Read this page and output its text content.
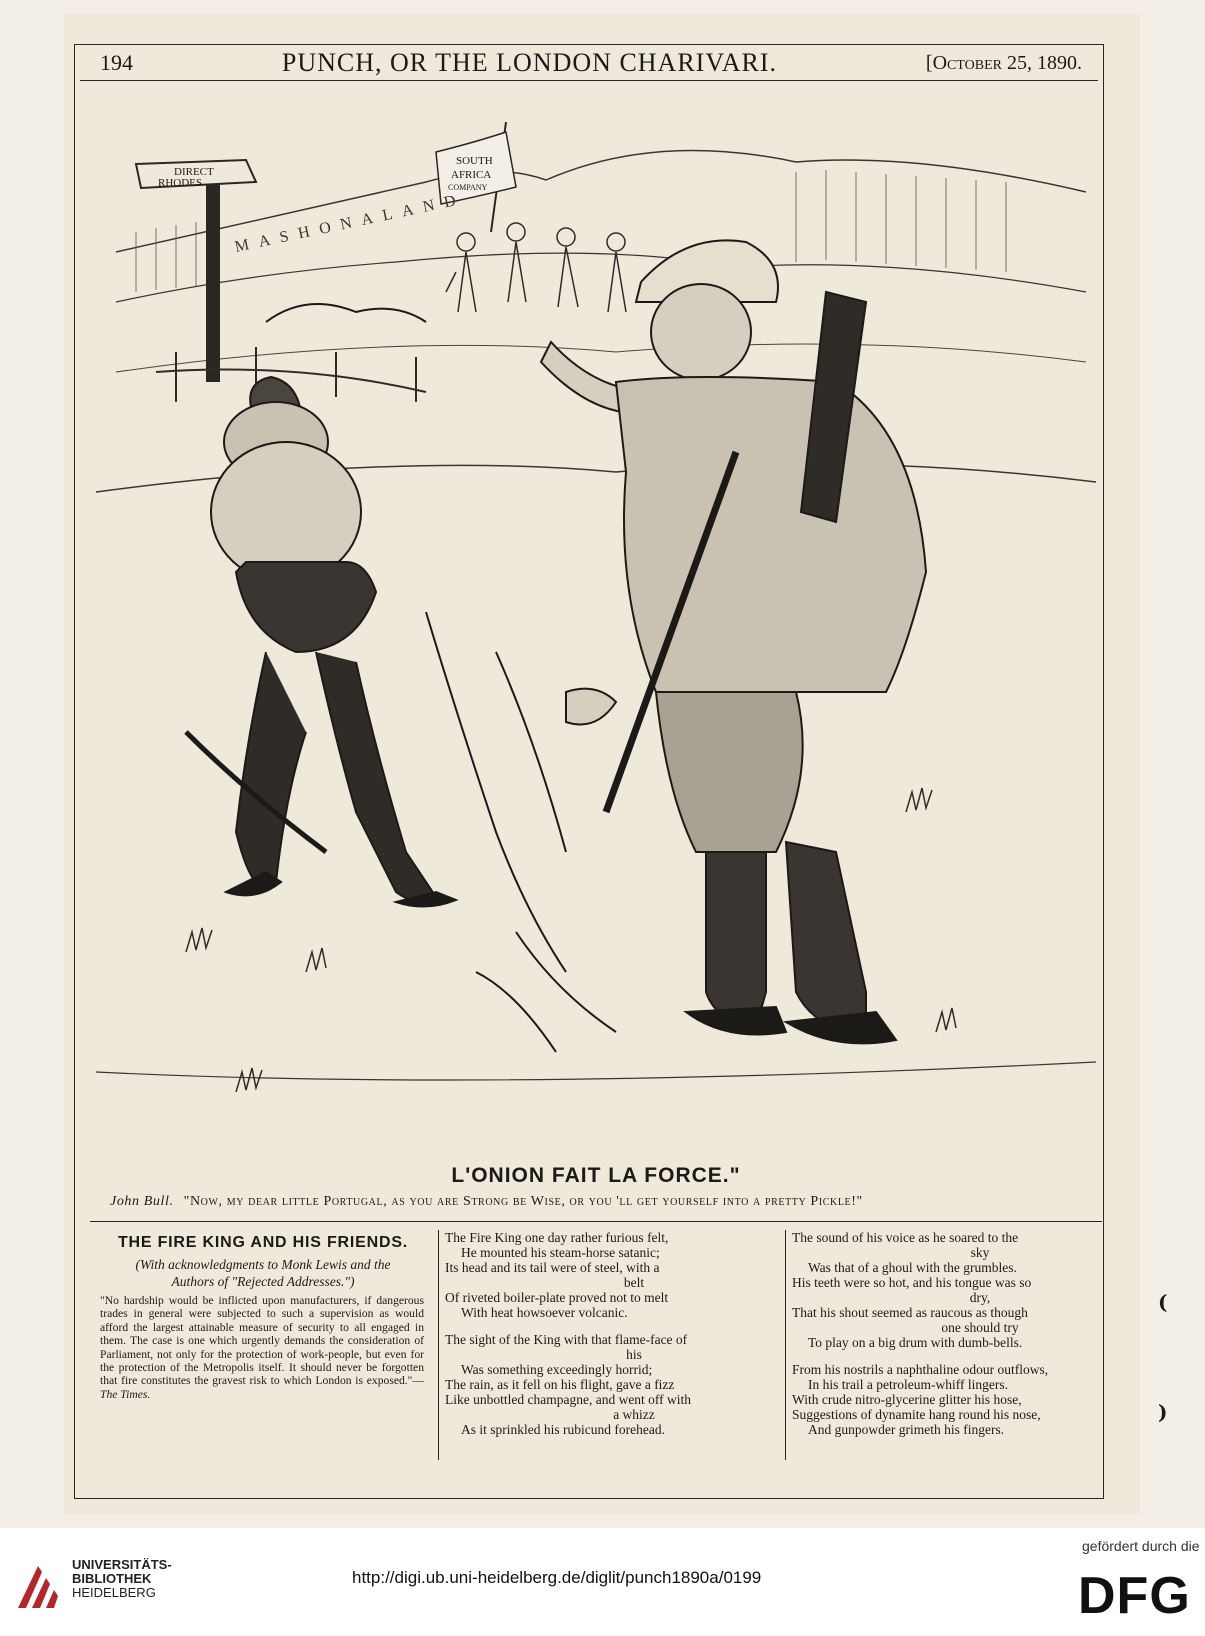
194	PUNCH, OR THE LONDON CHARIVARI.	[October 25, 1890.
DIRECT
RHODES
SOUTH
AFRICA
COMPANY
MASHONALAND
L'ONION FAIT LA FORCE."
John Bull. "Now, my dear little Portugal, as you are Strong be Wise, or you 'll get yourself into a pretty Pickle!"
THE FIRE KING AND HIS FRIENDS.
(With acknowledgments to Monk Lewis and the
Authors of "Rejected Addresses.")
"No hardship would be inflicted upon manufacturers, if dangerous trades in general were subjected to such a supervision as would afford the largest attainable measure of security to all engaged in them. The case is one which urgently demands the consideration of Parliament, not only for the protection of work-people, but even for the protection of the Metropolis itself. It should never be forgotten that fire constitutes the gravest risk to which London is exposed."—The Times.
The Fire King one day rather furious felt,
He mounted his steam-horse satanic;
Its head and its tail were of steel, with a
belt
Of riveted boiler-plate proved not to melt
With heat howsoever volcanic.
The sight of the King with that flame-face of
his
Was something exceedingly horrid;
The rain, as it fell on his flight, gave a fizz
Like unbottled champagne, and went off with
a whizz
As it sprinkled his rubicund forehead.
The sound of his voice as he soared to the
sky
Was that of a ghoul with the grumbles.
His teeth were so hot, and his tongue was so
dry,
That his shout seemed as raucous as though
one should try
To play on a big drum with dumb-bells.
From his nostrils a naphthaline odour outflows,
In his trail a petroleum-whiff lingers.
With crude nitro-glycerine glitter his hose,
Suggestions of dynamite hang round his nose,
And gunpowder grimeth his fingers.
(
)
UNIVERSITÄTS-
BIBLIOTHEK
HEIDELBERG
http://digi.ub.uni-heidelberg.de/diglit/punch1890a/0199
gefördert durch die
DFG
